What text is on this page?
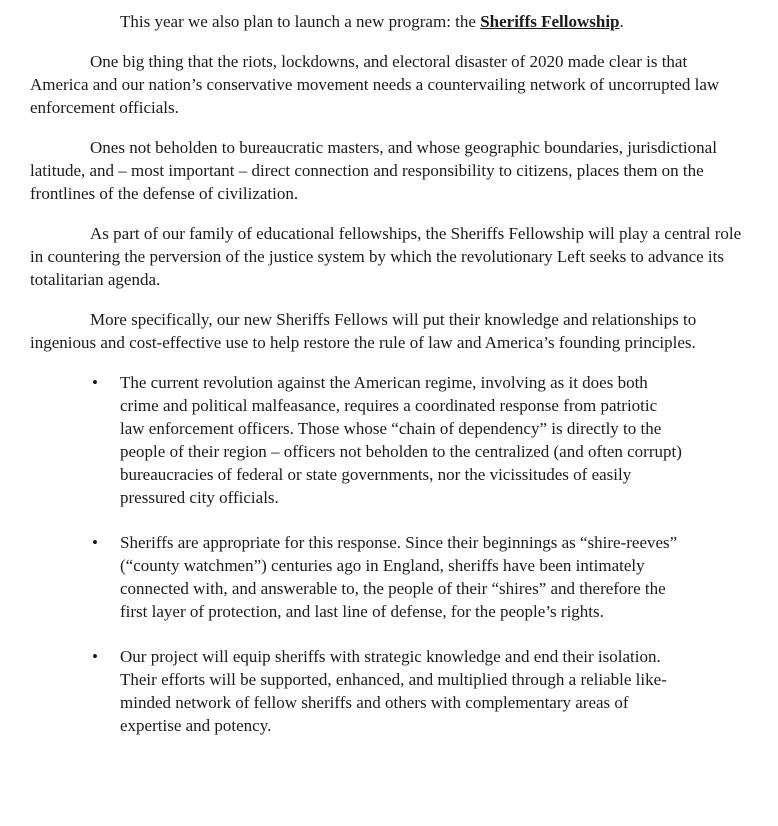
This year we also plan to launch a new program: the Sheriffs Fellowship.

One big thing that the riots, lockdowns, and electoral disaster of 2020 made clear is that America and our nation’s conservative movement needs a countervailing network of uncorrupted law enforcement officials.

Ones not beholden to bureaucratic masters, and whose geographic boundaries, jurisdictional latitude, and – most important – direct connection and responsibility to citizens, places them on the frontlines of the defense of civilization.

As part of our family of educational fellowships, the Sheriffs Fellowship will play a central role in countering the perversion of the justice system by which the revolutionary Left seeks to advance its totalitarian agenda.

More specifically, our new Sheriffs Fellows will put their knowledge and relationships to ingenious and cost-effective use to help restore the rule of law and America’s founding principles.

• The current revolution against the American regime, involving as it does both crime and political malfeasance, requires a coordinated response from patriotic law enforcement officers. Those whose “chain of dependency” is directly to the people of their region – officers not beholden to the centralized (and often corrupt) bureaucracies of federal or state governments, nor the vicissitudes of easily pressured city officials.
• Sheriffs are appropriate for this response. Since their beginnings as “shire-reeves” (“county watchmen”) centuries ago in England, sheriffs have been intimately connected with, and answerable to, the people of their “shires” and therefore the first layer of protection, and last line of defense, for the people’s rights.
• Our project will equip sheriffs with strategic knowledge and end their isolation. Their efforts will be supported, enhanced, and multiplied through a reliable like-minded network of fellow sheriffs and others with complementary areas of expertise and potency.
